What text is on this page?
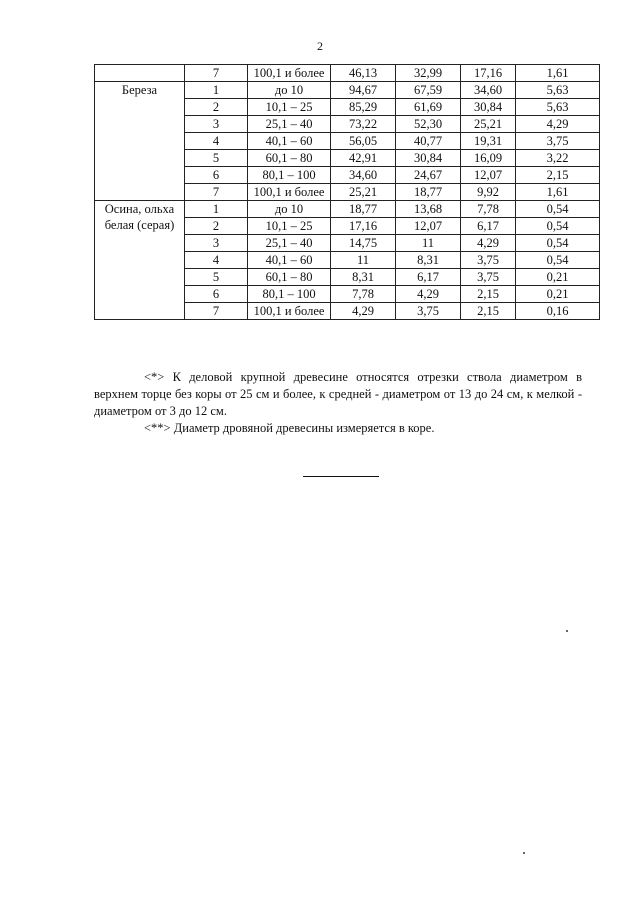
2
	7	100,1 и более	46,13	32,99	17,16	1,61
Береза	1	до 10	94,67	67,59	34,60	5,63
	2	10,1 – 25	85,29	61,69	30,84	5,63
	3	25,1 – 40	73,22	52,30	25,21	4,29
	4	40,1 – 60	56,05	40,77	19,31	3,75
	5	60,1 – 80	42,91	30,84	16,09	3,22
	6	80,1 – 100	34,60	24,67	12,07	2,15
	7	100,1 и более	25,21	18,77	9,92	1,61
Осина, ольха белая (серая)	1	до 10	18,77	13,68	7,78	0,54
	2	10,1 – 25	17,16	12,07	6,17	0,54
	3	25,1 – 40	14,75	11	4,29	0,54
	4	40,1 – 60	11	8,31	3,75	0,54
	5	60,1 – 80	8,31	6,17	3,75	0,21
	6	80,1 – 100	7,78	4,29	2,15	0,21
	7	100,1 и более	4,29	3,75	2,15	0,16

<*> К деловой крупной древесине относятся отрезки ствола диаметром в верхнем торце без коры от 25 см и более, к средней - диаметром от 13 до 24 см, к мелкой - диаметром от 3 до 12 см.

<**> Диаметр дровяной древесины измеряется в коре.
